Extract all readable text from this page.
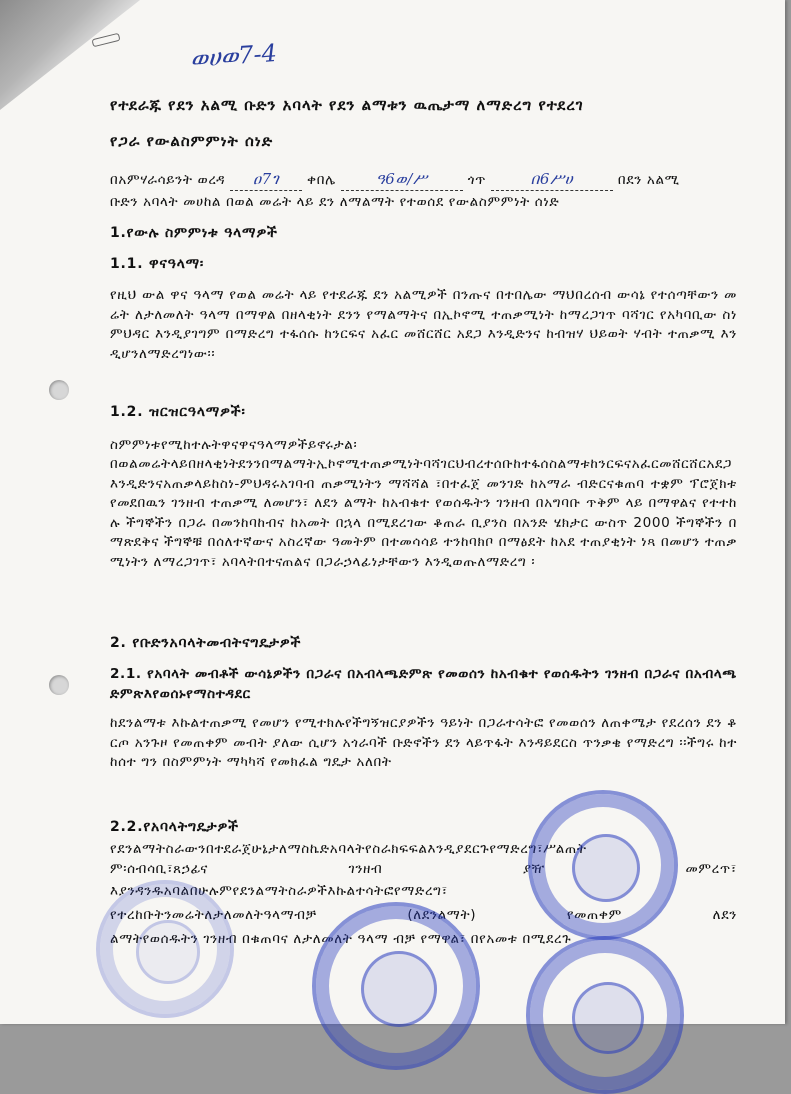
ወሀወ7-4
የተደራጁ የደን አልሚ ቡድን አባላት የደን ልማቱን ዉጤታማ ለማድረግ የተደረገ
የጋራ የውልስምምነት ሰነድ
በአምሃራሳይንት ወረዳ ዐ7ገ ቀበሌ	ዓ6ወ/ሥ	ጎጥ	በ6ሥሀ	በደን አልሚ
ቡድን አባላት መሀከል በወል መሬት ላይ ደን ለማልማት የተወሰደ የውልስምምነት ሰነድ
1.የውሉ ስምምነቱ ዓላማዎች
1.1. ዋናዓላማ፡
የዚህ ውል ዋና ዓላማ የወል መሬት ላይ የተደራጁ ደን አልሚዎች በንጡና በተበሌው ማህበረሰብ ውሳኔ የተሰጣቸውን መሬት ለታለመለት ዓላማ በማዋል በዘላቂነት ደንን የማልማትና በኢኮኖሚ ተጠቃሚነት ከማረጋገጥ ባሻገር የአካባቢው ስነምህዳር እንዲያገግም በማድረግ ተፋሰሱ ከንርፍና አፈር መሸርሸር አደጋ እንዲድንና ከብዝሃ ህይወት ሃብት ተጠቃሚ እንዲሆንለማድረግነው፡፡
1.2. ዝርዝርዓላማዎች፡
ስምምነቱየሚከተሉትዋናዋናዓላማዎችይኖሩታል፡
በወልመሬትላይበዘላቂነትደንንበማልማትኢኮኖሚተጠቃሚነትባሻገርህብረተሰቡከተፋሰስልማቱከንርፍናአፈርመሸርሸርአደጋእንዲድንናአጠቃላይከስነ-ምህዳሩአገባብ ጠቃሚነትን ማሻሻል ፣በተፈጀ መንገድ ከአማራ ብድርናቁጠባ ተቋም ፕሮጀክቱ የመደበዉን ገንዘብ ተጠቃሚ ለመሆን፣ ለደን ልማት ከአብቁተ የወሰዱትን ገንዘብ በአግባቡ ጥቅም ላይ በማዋልና የተተከሉ ችግኞችን በጋራ በመንከባከብና ከአመት በኋላ በሚደረገው ቆጠራ ቢያንስ በአንድ ሄክታር ውስጥ 2000 ችግኞችን በማጽደቅና ችግኞቹ በሰለተኛውና አስረኛው ዓመትም በተመሳሳይ ተንከባክቦ በማፅደት ከአደ ተጠያቂነት ነጻ በመሆን ተጠቃሚነትን ለማረጋገጥ፣ አባላትበተናጠልና በጋራኃላፊነታቸውን እንዲወጡለማድረግ ፡
2. የቡድንአባላትመብትናግዴታዎች
2.1. የአባላት መብቶች ውሳኔዎችን በጋራና በአብላጫድምጽ የመወሰን ከአብቁተ የወሰዱትን ገንዘብ በጋራና በአብላጫድምጽእየወሰኑየማስተዳደር
ከደንልማቱ እኩልተጠቃሚ የመሆን የሚተክሉየችግኝዝርያዎችን ዓይነት በጋራተሳትፎ የመወሰን ለጠቀሜታ የደረሰን ደን ቆርጦ አንጉዞ የመጠቀም መብት ያለው ሲሆን አጎራባች ቡድኖችን ደን ላይጥፋት እንዳይደርስ ጥንቃቄ የማድረግ ፡፡ችግሩ ከተከሰተ ግን በስምምነት ማካካሻ የመክፈል ግዴታ አለበት
2.2.የአባላትግዴታዎች
የደንልማትስራውንበተደራጀሁኔታለማስኬድአባላትየስራክፍፍልእንዲያደርጉየማድረግ፣ሥልጠት
ም፡ሰብሳቢ፣ጸኃፊና	ገንዘብ	ያዥ	መምረጥ፣
እያንዳንዱአባልበሁሉምየደንልማትስራዎችእኩልተሳትፎየማድረግ፣
የተረከቡትንመሬትለታለመለትዓላማብቻ	(ለደንልማት)	የመጠቀም	ለደን
ልማትየወሰዱትን ገንዘብ በቁጠባና ለታለመለት ዓላማ ብቻ የማዋል፣ በየአመቱ በሚደረጉ
